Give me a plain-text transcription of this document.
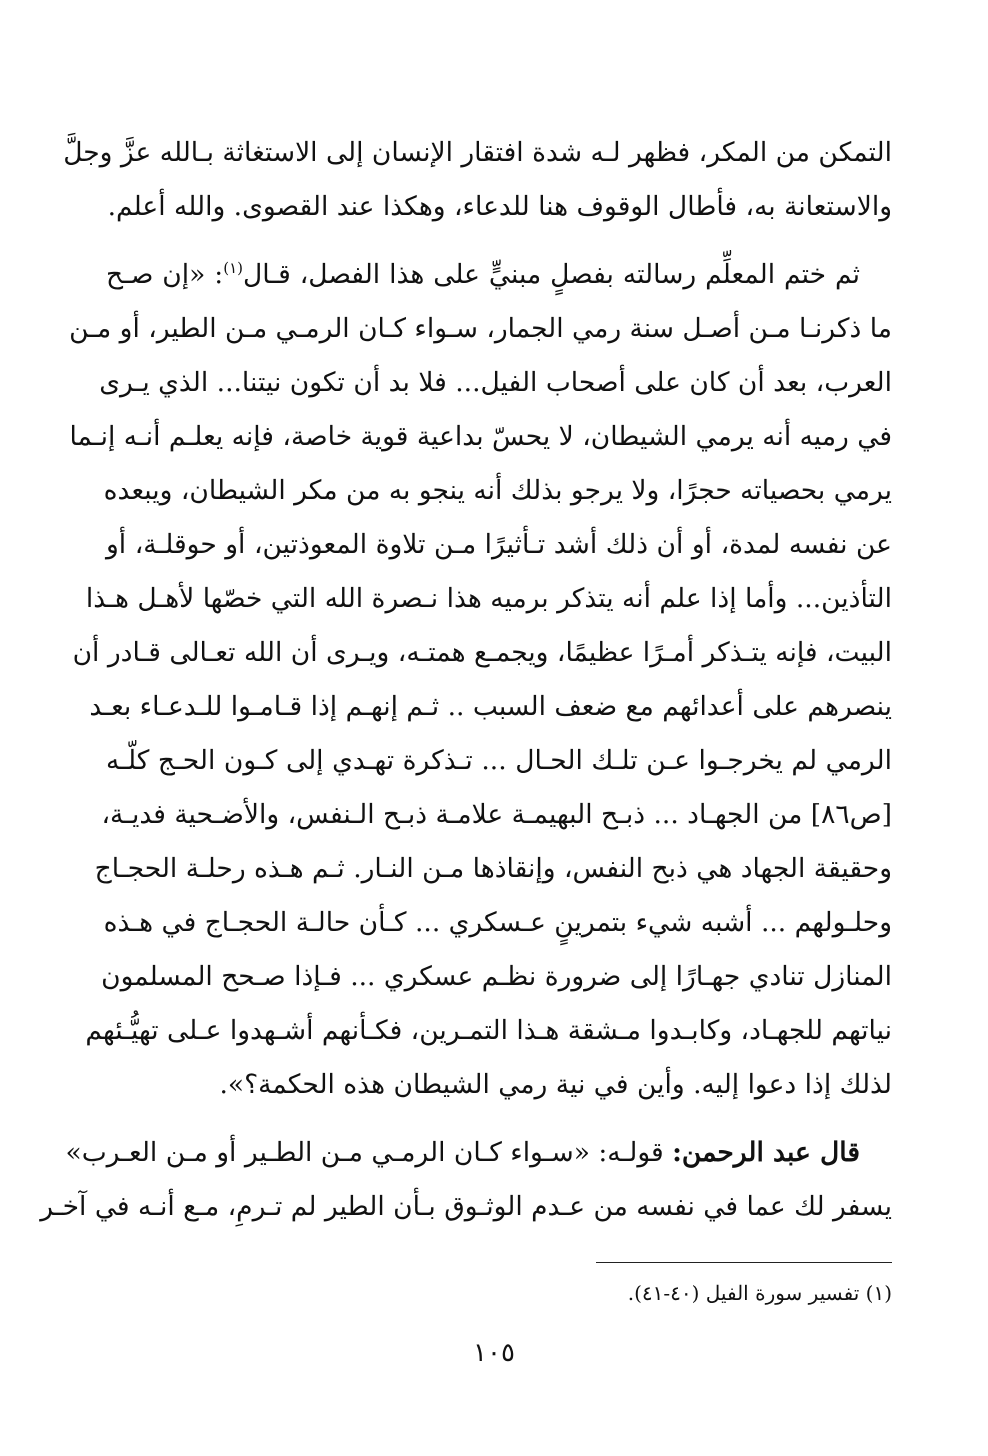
التمكن من المكر، فظهر لـه شدة افتقار الإنسان إلى الاستغاثة بـالله عزَّ وجلَّ
والاستعانة به، فأطال الوقوف هنا للدعاء، وهكذا عند القصوى. والله أعلم.

ثم ختم المعلِّم رسالته بفصلٍ مبنيٍّ على هذا الفصل، قـال$^{(١)}$: «إن صـح
ما ذكرنـا مـن أصـل سنة رمي الجمار، سـواء كـان الرمـي مـن الطير، أو مـن
العرب، بعد أن كان على أصحاب الفيل... فلا بد أن تكون نيتنا... الذي يـرى
في رميه أنه يرمي الشيطان، لا يحسّ بداعية قوية خاصة، فإنه يعلـم أنـه إنـما
يرمي بحصياته حجرًا، ولا يرجو بذلك أنه ينجو به من مكر الشيطان، ويبعده
عن نفسه لمدة، أو أن ذلك أشد تـأثيرًا مـن تلاوة المعوذتين، أو حوقلـة، أو
التأذين... وأما إذا علم أنه يتذكر برميه هذا نـصرة الله التي خصّها لأهـل هـذا
البيت، فإنه يتـذكر أمـرًا عظيمًا، ويجمـع همتـه، ويـرى أن الله تعـالى قـادر أن
ينصرهم على أعدائهم مع ضعف السبب .. ثـم إنهـم إذا قـامـوا للـدعـاء بعـد
الرمي لم يخرجـوا عـن تلـك الحـال ... تـذكرة تهـدي إلى كـون الحـج كلّـه
[ص٨٦] من الجهـاد ... ذبـح البهيمـة علامـة ذبـح الـنفس، والأضـحية فديـة،
وحقيقة الجهاد هي ذبح النفس، وإنقاذها مـن النـار. ثـم هـذه رحلـة الحجـاج
وحلـولهم ... أشبه شيء بتمرينٍ عـسكري ... كـأن حالـة الحجـاج في هـذه
المنازل تنادي جهـارًا إلى ضرورة نظـم عسكري ... فـإذا صـحح المسلمون
نياتهم للجهـاد، وكابـدوا مـشقة هـذا التمـرين، فكـأنهم أشـهدوا عـلى تهيُّـئهم
لذلك إذا دعوا إليه. وأين في نية رمي الشيطان هذه الحكمة؟».

قال عبد الرحمن: قولـه: «سـواء كـان الرمـي مـن الطـير أو مـن العـرب»
يسفر لك عما في نفسه من عـدم الوثـوق بـأن الطير لم تـرمِ، مـع أنـه في آخـر

(١) تفسير سورة الفيل (٤٠-٤١).
١٠٥
